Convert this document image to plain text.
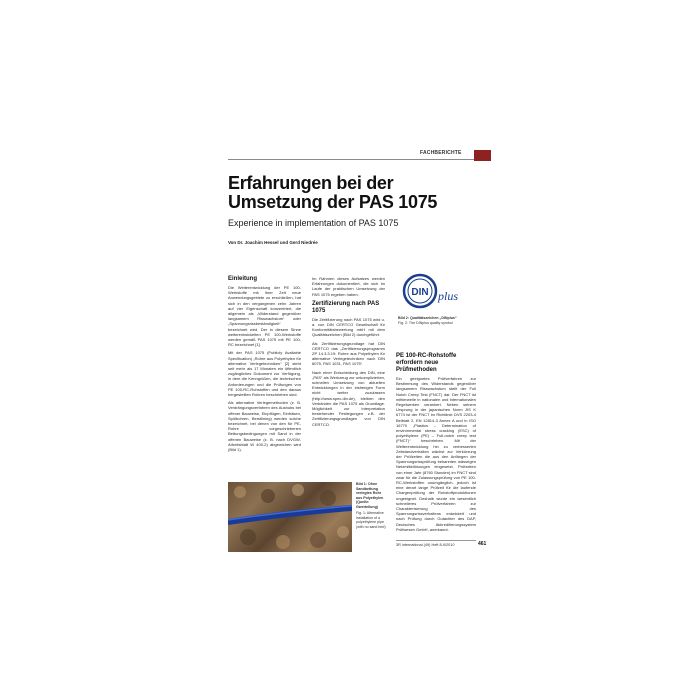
FACHBERICHTE
Erfahrungen bei der Umsetzung der PAS 1075
Experience in implementation of PAS 1075
Von Dr. Joachim Hessel und Gerd Niedrée
Einleitung
Die Weiterentwicklung der PE 100-Werkstoffe mit ihrer Zeit neue Anwendungsgebiete zu erschließen, hat sich in den vergangenen zehn Jahren auf vier Eigenschaft konzentriert, die allgemein als „Widerstand gegenüber langsamem Risswachstum“ oder „Spannungsrissbeständigkeit“ bezeichnet wird. Der in diesem Sinne weiterentwickelten PE 100-Werkstoffe werden gemäß PAS 1075 mit PE 100-RC bezeichnet [1].
Mit der PAS 1075 (Publicly Available Specification) „Rohre aus Polyethylen für alternative Verlegetechniken“ [2] steht seit mehr als 17 Monaten ein öffentlich zugängliches Dokument zur Verfügung, in dem die Kenngrößen, die technischen Anforderungen und die Prüfungen von PE 100-RC-Rohstoffen und den daraus hergestellten Rohren beschrieben sind.
Als alternative Verlegemethoden (z. B. Verdrängungsverfahren des Aushubs bei offener Bauweise, Einpflügen, Einfräsen, Spülbohren, Berstlining) werden solche bezeichnet, bei denen von den für PE-Rohre vorgeschriebenen Bettungsbedingungen mit Sand in der offenen Bauweise (z. B. nach DVGW-Arbeitsblatt W 400-2) abgewichen wird (Bild 1).
Im Rahmen dieses Aufsatzes werden Erfahrungen dokumentiert, die sich im Laufe der praktischen Umsetzung der PAS 1075 ergeben haben.
Zertifizierung nach PAS 1075
Die Zertifizierung nach PAS 1075 wird u. a. von DIN CERTCO Gesellschaft für Konformitätsbewertung mbH mit dem Qualitätszeichen (Bild 2) durchgeführt.
Als Zertifizierungsgrundlage hat DIN CERTCO das „Zertifizierungsprogramm ZP 14.3.3.19: Rohre aus Polyethylen für alternative Verlegetechniken nach DIN 8075, PAS 1031, PAS 1075“.
Nach einer Entscheidung des DIN, eine „PAS“ als Werkzeug zur unkomplizierten, schnellen Umsetzung von aktuellen Entwicklungen in der bisherigen Form nicht weiter zuzulassen (http://www.spec.din.de), bleiben den Verbänden die PAS 1075 als Grundlage. Möglichkeit zur Interpretation bestehender Festlegungen z.B. der Zertifizierungsgrundlagen von DIN CERTCO.
DIN plus
Bild 2: Qualitätszeichen „DINplus“
Fig. 2: The DINplus quality symbol
PE 100-RC-Rohstoffe erfordern neue Prüfmethoden
Ein geeignetes Prüfverfahren zur Bestimmung des Widerstands gegenüber langsamem Risswachstum stellt der Full Notch Creep Test (FNCT) dar. Der FNCT ist mittlerweile in nationalen und internationalen Regelwerken verankert. Neben seinem Ursprung in der japanischen Norm JIS K 6774 ist der FNCT im Richtlinie DVS 2203-4 Beiblatt 2, EN 12814-3 Annex A und in ISO 16770 „Plastics – Determination of environmental stress cracking (ESC) of polyethylene (PE) – Full-notch creep test (FNCT)“ beschrieben. Mit der Weiterentwicklung hin zu verbesserten Zeitstandverhalten wächst zur Verkürzung der Prüfzeiten die aus den Anfängen der Spannungsrissprüfung bekannten wässrigen Netzmittellösungen eingesetzt. Prüfzeiten von einer Jahr (8760 Stunden) im FNCT sind zwar für die Zulassungsprüfung von PE 100-RC-Werkstoffen unumgänglich, jedoch ist eine derart lange Prüfzeit für die laufende Chargenprüfung der Rohstoffproduktionen ungeeignet. Deshalb wurde ein wesentlich schnelleres Prüfverfahren zur Charakterisierung des Spannungsrissverhaltens entwickelt und nach Prüfung durch Gutachter des DAP, Deutsches Akkreditierungssystem Prüfwesen GmbH, anerkannt.
Bild 1: Ohne Sandbettung verlegtes Rohr aus Polyethylen (Quelle: Gwerteilung)
Fig. 1: Alternative installation of a polyethylene pipe (with no sand bed)
3R international (49) Heft 8-9/2010	461
